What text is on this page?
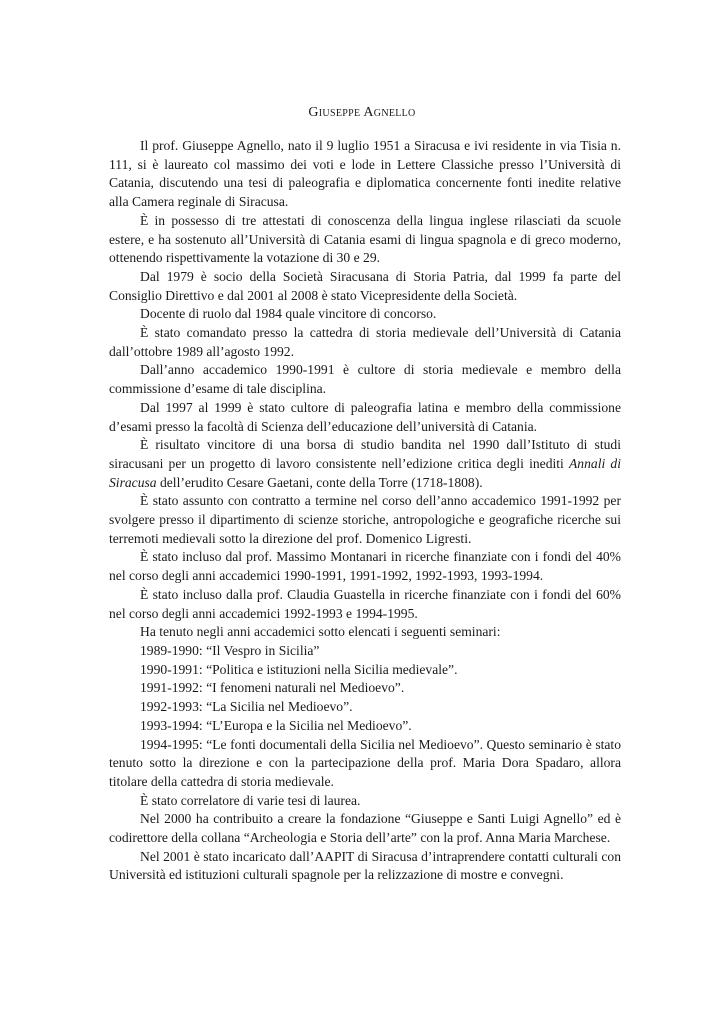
Giuseppe Agnello

Il prof. Giuseppe Agnello, nato il 9 luglio 1951 a Siracusa e ivi residente in via Tisia n. 111, si è laureato col massimo dei voti e lode in Lettere Classiche presso l’Università di Catania, discutendo una tesi di paleografia e diplomatica concernente fonti inedite relative alla Camera reginale di Siracusa.

È in possesso di tre attestati di conoscenza della lingua inglese rilasciati da scuole estere, e ha sostenuto all’Università di Catania esami di lingua spagnola e di greco moderno, ottenendo rispettivamente la votazione di 30 e 29.

Dal 1979 è socio della Società Siracusana di Storia Patria, dal 1999 fa parte del Consiglio Direttivo e dal 2001 al 2008 è stato Vicepresidente della Società.

Docente di ruolo dal 1984 quale vincitore di concorso.

È stato comandato presso la cattedra di storia medievale dell’Università di Catania dall’ottobre 1989 all’agosto 1992.

Dall’anno accademico 1990-1991 è cultore di storia medievale e membro della commissione d’esame di tale disciplina.

Dal 1997 al 1999 è stato cultore di paleografia latina e membro della commissione d’esami presso la facoltà di Scienza dell’educazione dell’università di Catania.

È risultato vincitore di una borsa di studio bandita nel 1990 dall’Istituto di studi siracusani per un progetto di lavoro consistente nell’edizione critica degli inediti Annali di Siracusa dell’erudito Cesare Gaetani, conte della Torre (1718-1808).

È stato assunto con contratto a termine nel corso dell’anno accademico 1991-1992 per svolgere presso il dipartimento di scienze storiche, antropologiche e geografiche ricerche sui terremoti medievali sotto la direzione del prof. Domenico Ligresti.

È stato incluso dal prof. Massimo Montanari in ricerche finanziate con i fondi del 40% nel corso degli anni accademici 1990-1991, 1991-1992, 1992-1993, 1993-1994.

È stato incluso dalla prof. Claudia Guastella in ricerche finanziate con i fondi del 60% nel corso degli anni accademici 1992-1993 e 1994-1995.

Ha tenuto negli anni accademici sotto elencati i seguenti seminari:

1989-1990: “Il Vespro in Sicilia”

1990-1991: “Politica e istituzioni nella Sicilia medievale”.

1991-1992: “I fenomeni naturali nel Medioevo”.

1992-1993: “La Sicilia nel Medioevo”.

1993-1994: “L’Europa e la Sicilia nel Medioevo”.

1994-1995: “Le fonti documentali della Sicilia nel Medioevo”. Questo seminario è stato tenuto sotto la direzione e con la partecipazione della prof. Maria Dora Spadaro, allora titolare della cattedra di storia medievale.

È stato correlatore di varie tesi di laurea.

Nel 2000 ha contribuito a creare la fondazione “Giuseppe e Santi Luigi Agnello” ed è codirettore della collana “Archeologia e Storia dell’arte” con la prof. Anna Maria Marchese.

Nel 2001 è stato incaricato dall’AAPIT di Siracusa d’intraprendere contatti culturali con Università ed istituzioni culturali spagnole per la relizzazione di mostre e convegni.
